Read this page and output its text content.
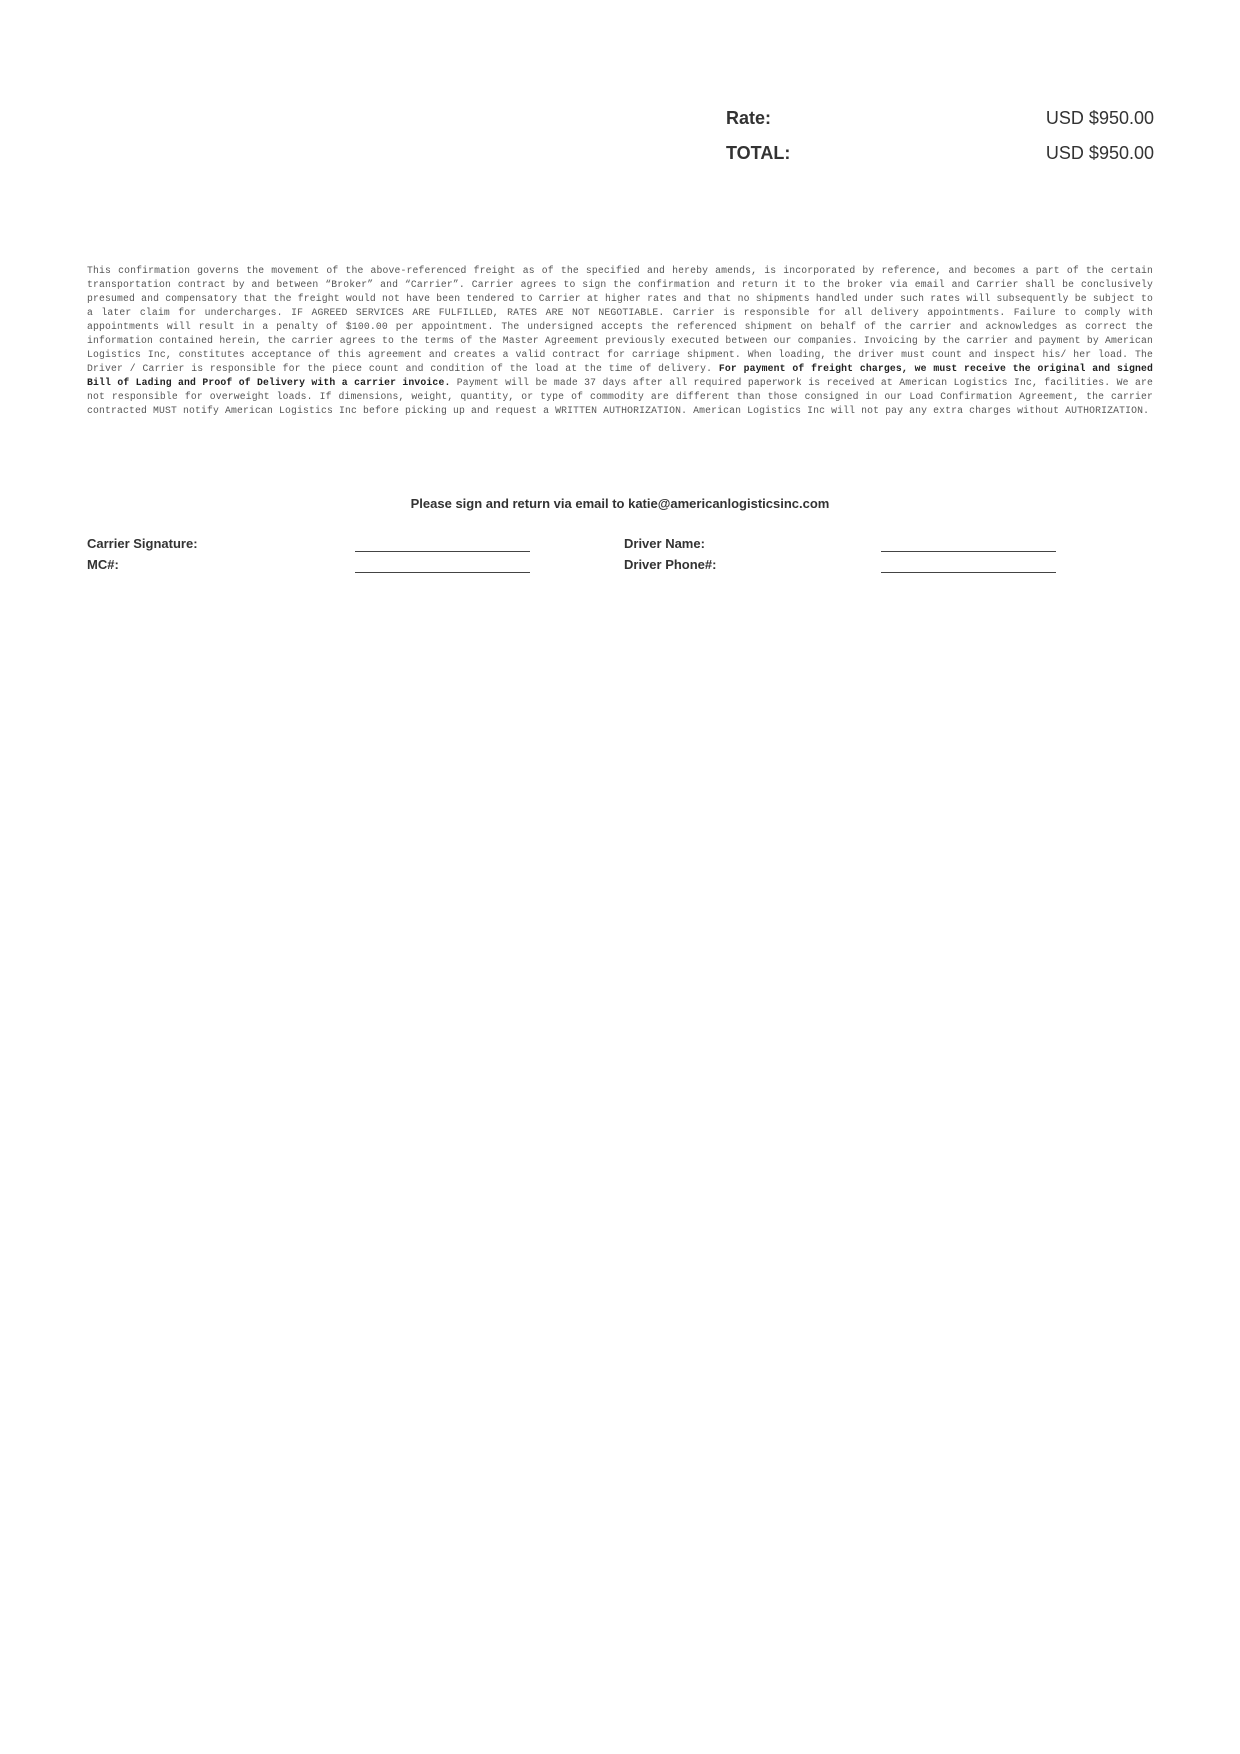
Rate:	USD $950.00
TOTAL:	USD $950.00

This confirmation governs the movement of the above-referenced freight as of the specified and hereby amends, is incorporated by reference, and becomes a part of the certain transportation contract by and between “Broker” and “Carrier”. Carrier agrees to sign the confirmation and return it to the broker via email and Carrier shall be conclusively presumed and compensatory that the freight would not have been tendered to Carrier at higher rates and that no shipments handled under such rates will subsequently be subject to a later claim for undercharges. IF AGREED SERVICES ARE FULFILLED, RATES ARE NOT NEGOTIABLE. Carrier is responsible for all delivery appointments. Failure to comply with appointments will result in a penalty of $100.00 per appointment. The undersigned accepts the referenced shipment on behalf of the carrier and acknowledges as correct the information contained herein, the carrier agrees to the terms of the Master Agreement previously executed between our companies. Invoicing by the carrier and payment by American Logistics Inc, constitutes acceptance of this agreement and creates a valid contract for carriage shipment. When loading, the driver must count and inspect his/ her load. The Driver / Carrier is responsible for the piece count and condition of the load at the time of delivery. For payment of freight charges, we must receive the original and signed Bill of Lading and Proof of Delivery with a carrier invoice. Payment will be made 37 days after all required paperwork is received at American Logistics Inc, facilities. We are not responsible for overweight loads. If dimensions, weight, quantity, or type of commodity are different than those consigned in our Load Confirmation Agreement, the carrier contracted MUST notify American Logistics Inc before picking up and request a WRITTEN AUTHORIZATION. American Logistics Inc will not pay any extra charges without AUTHORIZATION.

Please sign and return via email to katie@americanlogisticsinc.com
Carrier Signature:
MC#:
Driver Name:
Driver Phone#:
